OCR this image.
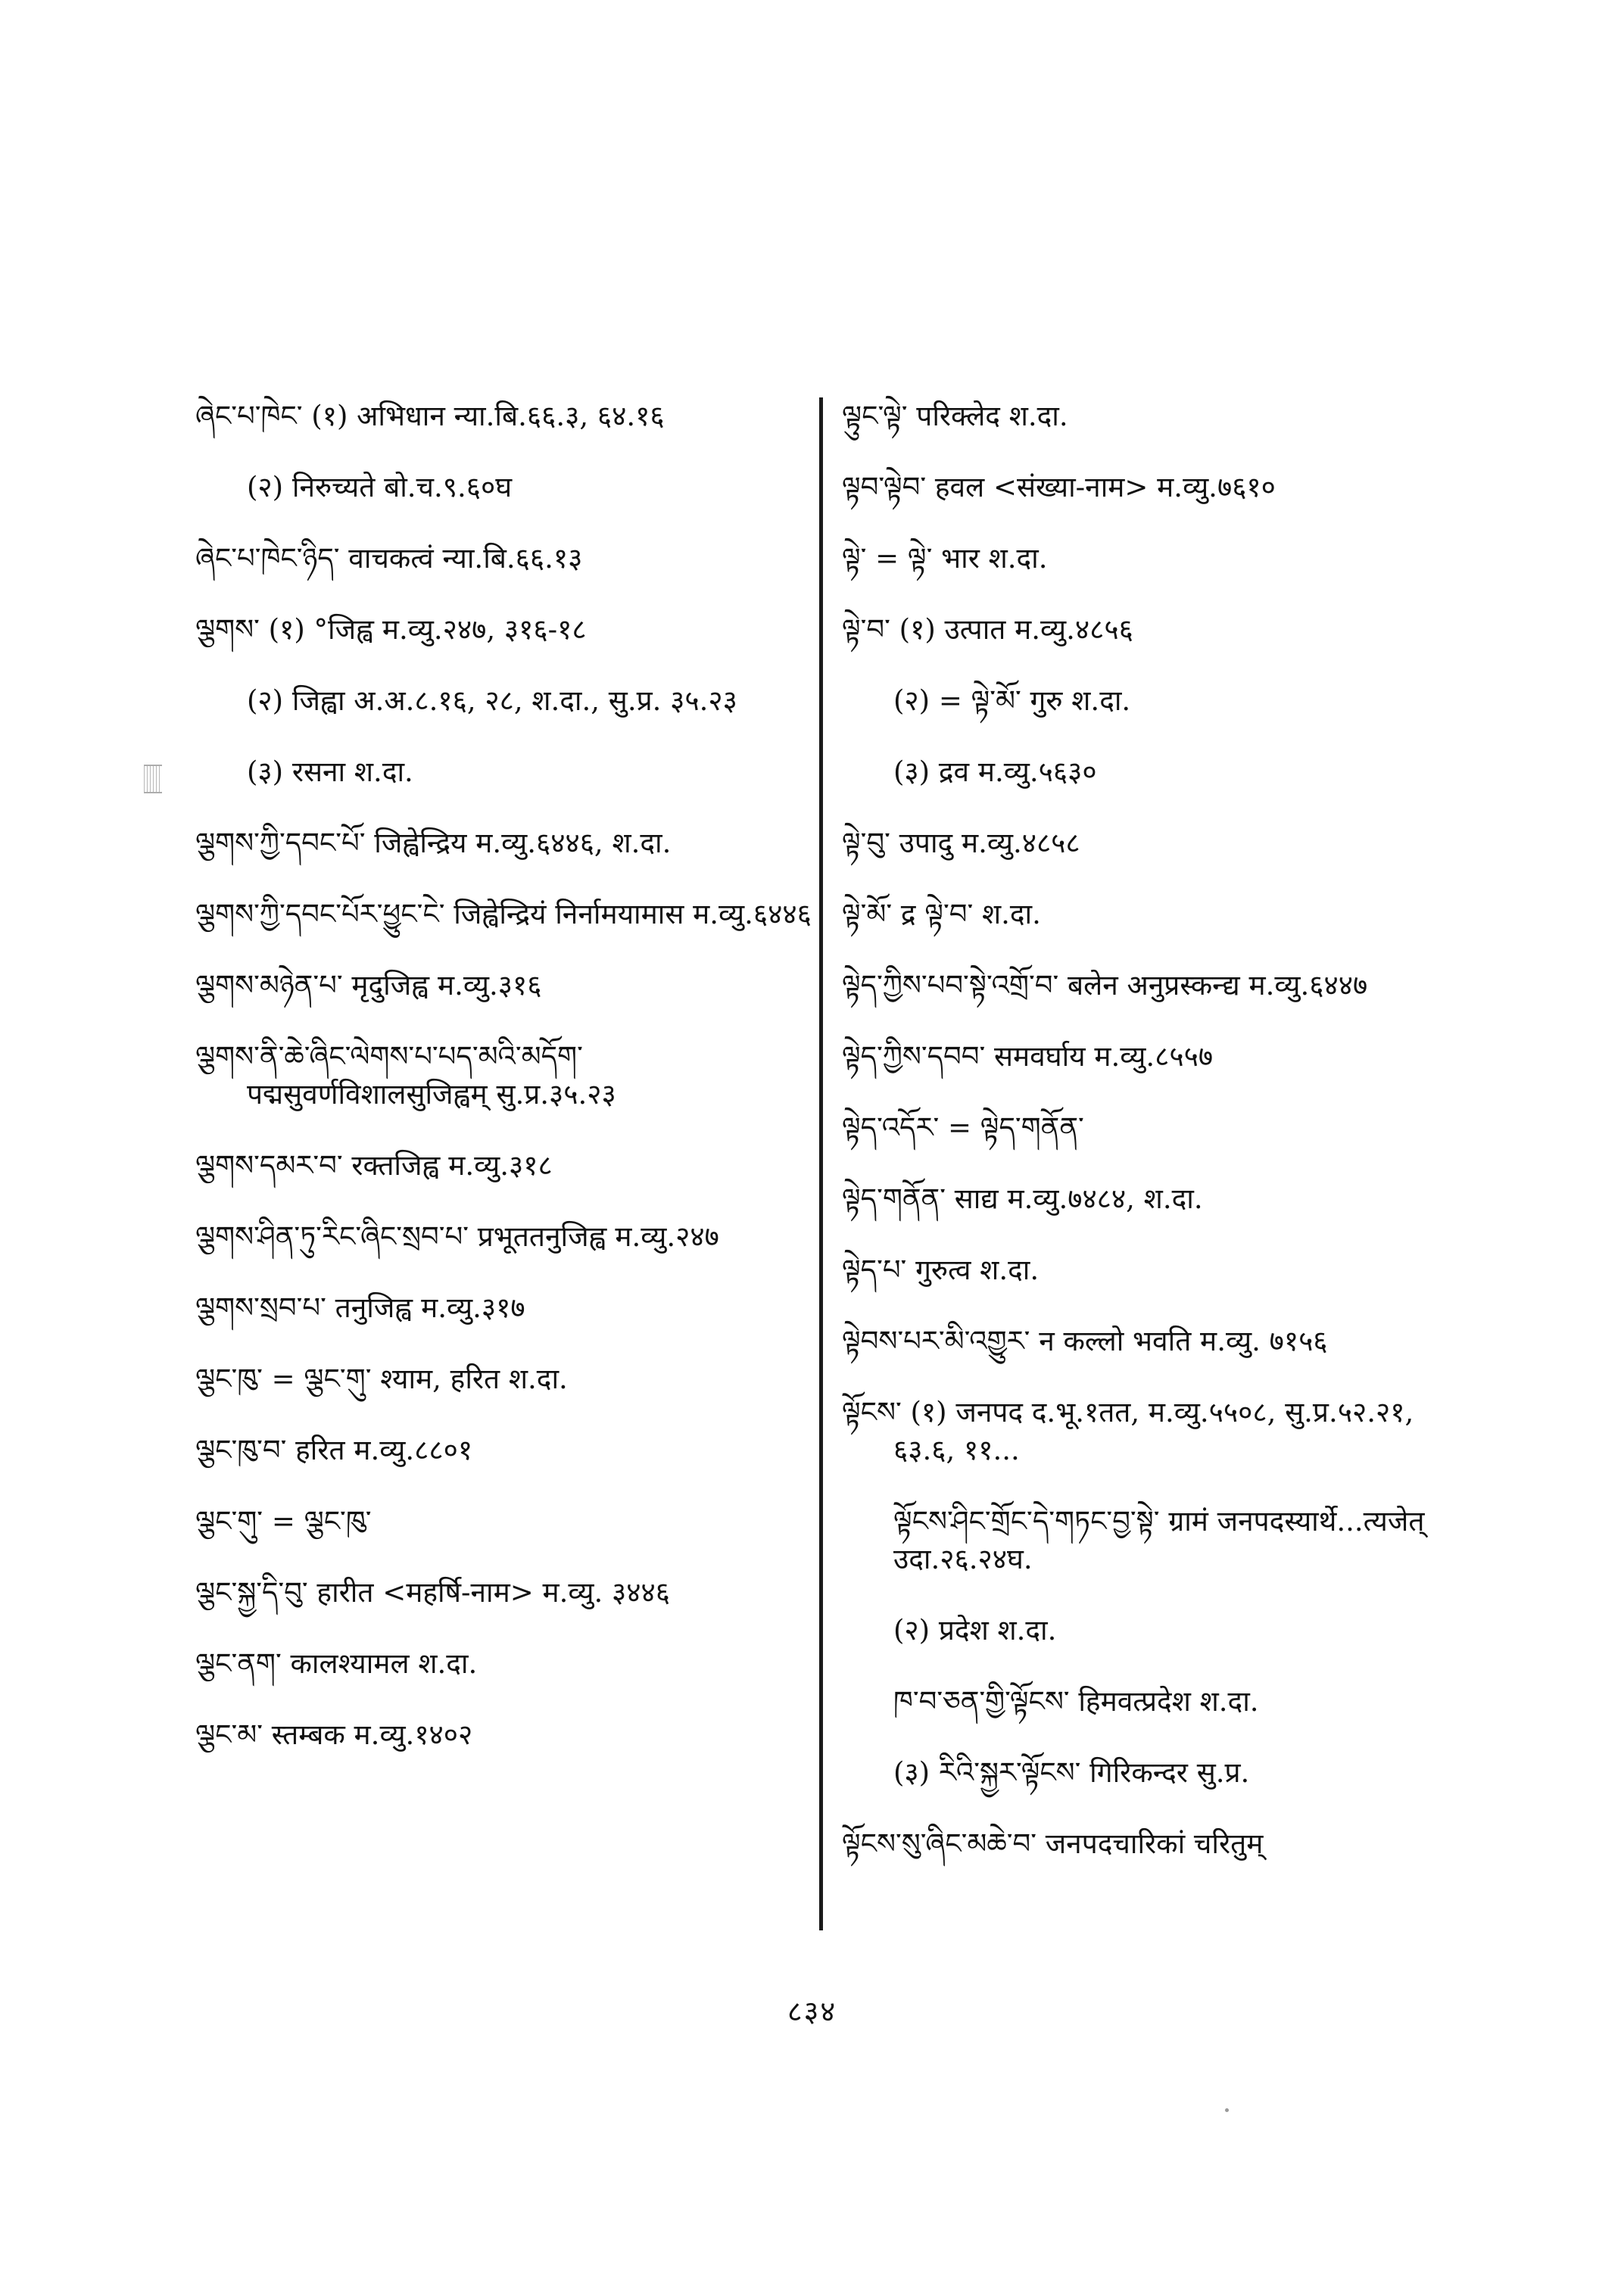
ཞེང་པ་ཁེང་ (१) अभिधान न्या.बि.६६.३, ६४.१६
(२) निरुच्यते बो.च.९.६०घ
ཞེང་པ་ཁེང་ཉིད་ वाचकत्वं न्या.बि.६६.१३
ལྕགས་ (१) °जिह्व म.व्यु.२४७, ३१६-१८
(२) जिह्वा अ.अ.८.१६, २८, श.दा., सु.प्र. ३५.२३
(३) रसना श.दा.
ལྕགས་ཀྱི་དབང་པོ་ जिह्वेन्द्रिय म.व्यु.६४४६, श.दा.
ལྕགས་ཀྱི་དབང་པོར་ཕྱུང་ངེ་ जिह्वेन्द्रियं निर्नामयामास म.व्यु.६४४६
ལྕགས་མཉེན་པ་ मृदुजिह्व म.व्यु.३१६
ལྕགས་ནི་ཆེ་ཞིང་ལེགས་པ་པད་མའི་མདོག་ पद्मसुवर्णविशालसुजिह्वम् सु.प्र.३५.२३
ལྕགས་དམར་བ་ रक्तजिह्व म.व्यु.३१८
ལྕགས་ཤིན་ཏུ་རིང་ཞིང་སྲབ་པ་ प्रभूततनुजिह्व म.व्यु.२४७
ལྕགས་སྲབ་པ་ तनुजिह्व म.व्यु.३१७
ལྕང་ཁུ་ = ལྕང་གུ་ श्याम, हरित श.दा.
ལྕང་ཁུ་བ་ हरित म.व्यु.८८०१
ལྕང་གུ་ = ལྕང་ཁུ་
ལྕང་སྐྱ་དི་བུ་ हारीत <महर्षि-नाम> म.व्यु. ३४४६
ལྕང་ནག་ कालश्यामल श.दा.
ལྕང་མ་ स्तम्बक म.व्यु.१४०२
ལྟུང་ལྟེ་ परिक्लेद श.दा.
ལྟབ་ལྟེབ་ हवल <संख्या-नाम> म.व्यु.७६१०
ལྟེ་ = ལྟེ་ भार श.दा.
ལྟེ་བ་ (१) उत्पात म.व्यु.४८५६
(२) = ལྟེ་མོ་ गुरु श.दा.
(३) द्रव म.व्यु.५६३०
ལྟེ་བུ་ उपादु म.व्यु.४८५८
ལྟེ་མོ་ द्र ལྟེ་བ་ श.दा.
ལྟེད་ཀྱིས་པབ་སྟེ་འགྲོ་བ་ बलेन अनुप्रस्कन्द्य म.व्यु.६४४७
ལྟེད་ཀྱིས་དབབ་ समवर्घाय म.व्यु.८५५७
ལྟེད་འདོར་ = ལྟེད་གནོན་
ལྟེད་གནོན་ साद्य म.व्यु.७४८४, श.दा.
ལྟེད་པ་ गुरुत्व श.दा.
ལྟེབས་པར་མི་འགྱུར་ न कल्लो भवति म.व्यु. ७१५६
ལྟོངས་ (१) जनपद द.भू.१तत, म.व्यु.५५०८, सु.प्र.५२.२१, ६३.६, ११...
ལྟོངས་ཤིང་གྲོང་དེ་གཏང་བྱ་སྟེ་ ग्रामं जनपदस्यार्थे...त्यजेत् उदा.२६.२४घ.
(२) प्रदेश श.दा.
ཁ་བ་ཅན་གྱི་ལྟོངས་ हिमवत्प्रदेश श.दा.
(३) རིའི་སྐྱར་ལྟོངས་ गिरिकन्दर सु.प्र.
ལྟོངས་སུ་ཞིང་མཆེ་བ་ जनपदचारिकां चरितुम्
८३४
